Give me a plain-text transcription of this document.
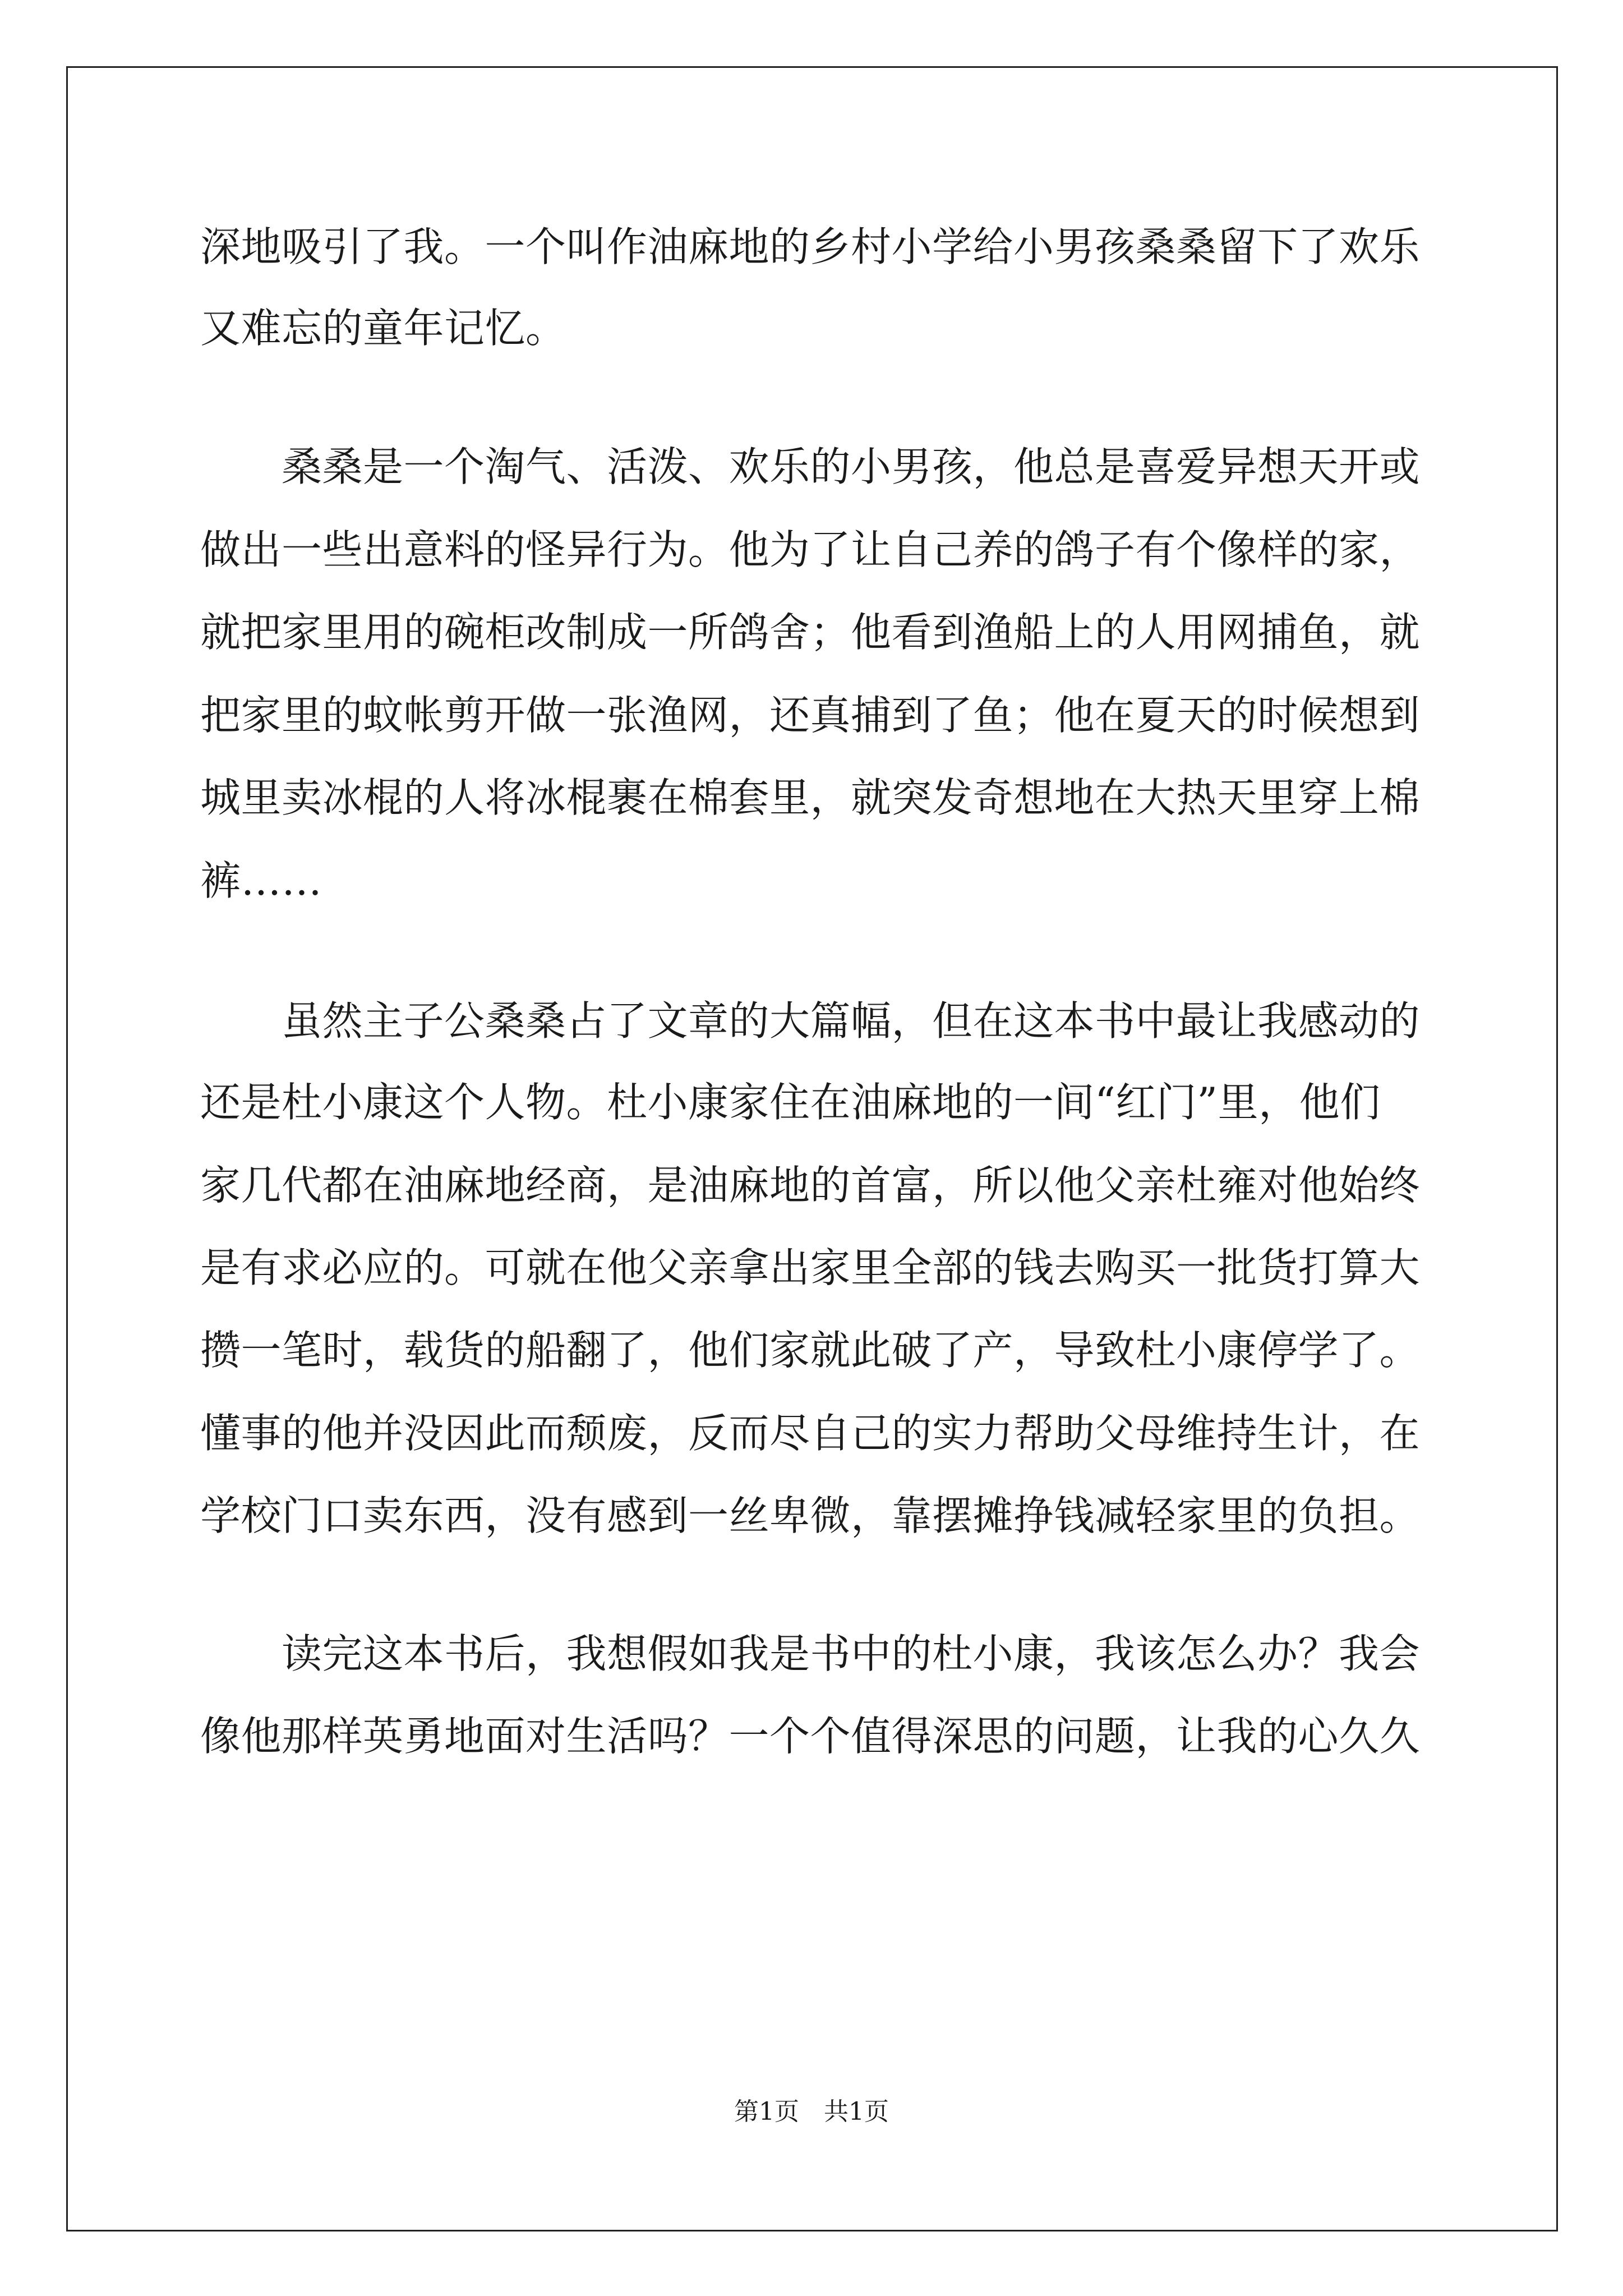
深地吸引了我。一个叫作油麻地的乡村小学给小男孩桑桑留下了欢乐
又难忘的童年记忆。
　　桑桑是一个淘气、活泼、欢乐的小男孩，他总是喜爱异想天开或
做出一些出意料的怪异行为。他为了让自己养的鸽子有个像样的家，
就把家里用的碗柜改制成一所鸽舍；他看到渔船上的人用网捕鱼，就
把家里的蚊帐剪开做一张渔网，还真捕到了鱼；他在夏天的时候想到
城里卖冰棍的人将冰棍裹在棉套里，就突发奇想地在大热天里穿上棉
裤……
　　虽然主子公桑桑占了文章的大篇幅，但在这本书中最让我感动的
还是杜小康这个人物。杜小康家住在油麻地的一间“红门”里，他们
家几代都在油麻地经商，是油麻地的首富，所以他父亲杜雍对他始终
是有求必应的。可就在他父亲拿出家里全部的钱去购买一批货打算大
攒一笔时，载货的船翻了，他们家就此破了产，导致杜小康停学了。
懂事的他并没因此而颓废，反而尽自己的实力帮助父母维持生计，在
学校门口卖东西，没有感到一丝卑微，靠摆摊挣钱减轻家里的负担。
　　读完这本书后，我想假如我是书中的杜小康，我该怎么办？我会
像他那样英勇地面对生活吗？一个个值得深思的问题，让我的心久久
第1页　共1页
